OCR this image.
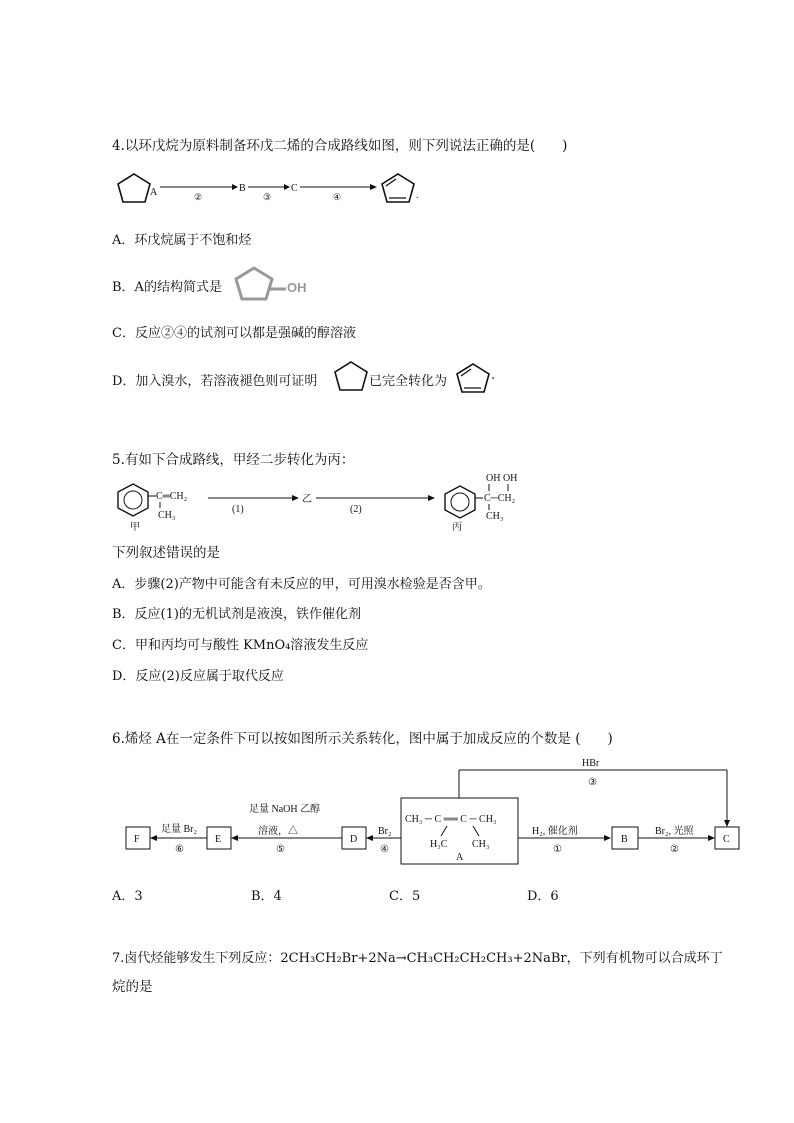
4.以环戊烷为原料制备环戊二烯的合成路线如图，则下列说法正确的是(　　)
A	②
B
③
C
④	.
A．环戊烷属于不饱和烃
B．A的结构简式是	OH
C．反应②④的试剂可以都是强碱的醇溶液
D．加入溴水，若溶液褪色则可证明	已完全转化为	.
5.有如下合成路线，甲经二步转化为丙：
C═CH₂
CH₃
甲
(1)
乙
(2)
OH OH
C─CH₂
CH₃
丙
下列叙述错误的是
A．步骤(2)产物中可能含有未反应的甲，可用溴水检验是否含甲。
B．反应(1)的无机试剂是液溴，铁作催化剂
C．甲和丙均可与酸性 KMnO₄溶液发生反应
D．反应(2)反应属于取代反应
6.烯烃 A在一定条件下可以按如图所示关系转化，图中属于加成反应的个数是 (　　)
HBr
③
CH₃ ─ C ══ C ─ CH₃
H₃C CH₃
A
H₂, 催化剂
①
B
Br₂, 光照
②
C
Br₂
④
D
足量 NaOH 乙醇
溶液，△
⑤
E
足量 Br₂
⑥
F
A．3	B．4	C．5	D．6
7.卤代烃能够发生下列反应：2CH₃CH₂Br+2Na→CH₃CH₂CH₂CH₃+2NaBr，下列有机物可以合成环丁
烷的是
